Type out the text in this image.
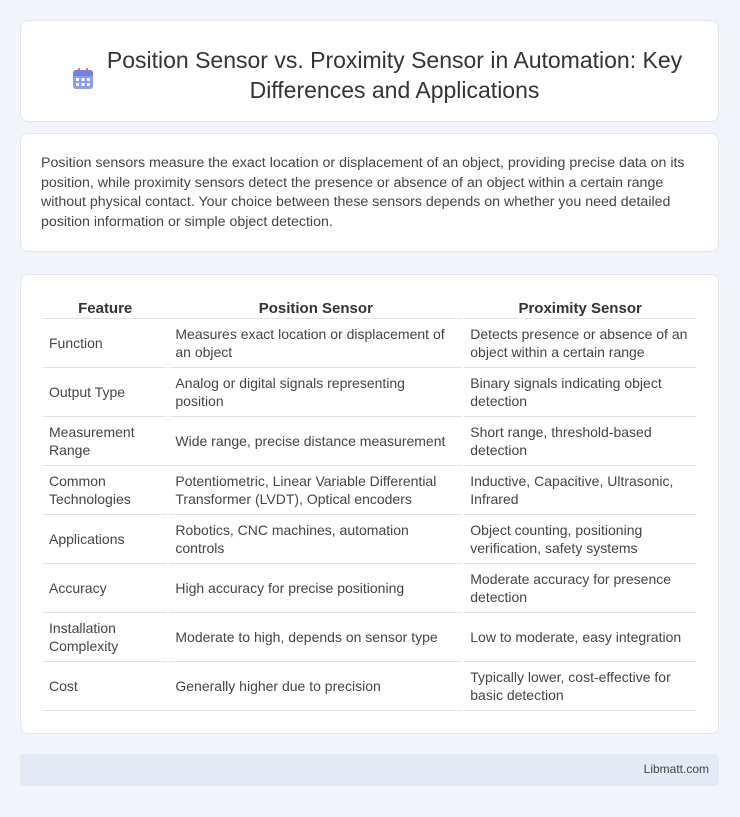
Position Sensor vs. Proximity Sensor in Automation: Key Differences and Applications

Position sensors measure the exact location or displacement of an object, providing precise data on its position, while proximity sensors detect the presence or absence of an object within a certain range without physical contact. Your choice between these sensors depends on whether you need detailed position information or simple object detection.

Feature	Position Sensor	Proximity Sensor
Function	Measures exact location or displacement of an object	Detects presence or absence of an object within a certain range
Output Type	Analog or digital signals representing position	Binary signals indicating object detection
Measurement Range	Wide range, precise distance measurement	Short range, threshold-based detection
Common Technologies	Potentiometric, Linear Variable Differential Transformer (LVDT), Optical encoders	Inductive, Capacitive, Ultrasonic, Infrared
Applications	Robotics, CNC machines, automation controls	Object counting, positioning verification, safety systems
Accuracy	High accuracy for precise positioning	Moderate accuracy for presence detection
Installation Complexity	Moderate to high, depends on sensor type	Low to moderate, easy integration
Cost	Generally higher due to precision	Typically lower, cost-effective for basic detection
Libmatt.com
